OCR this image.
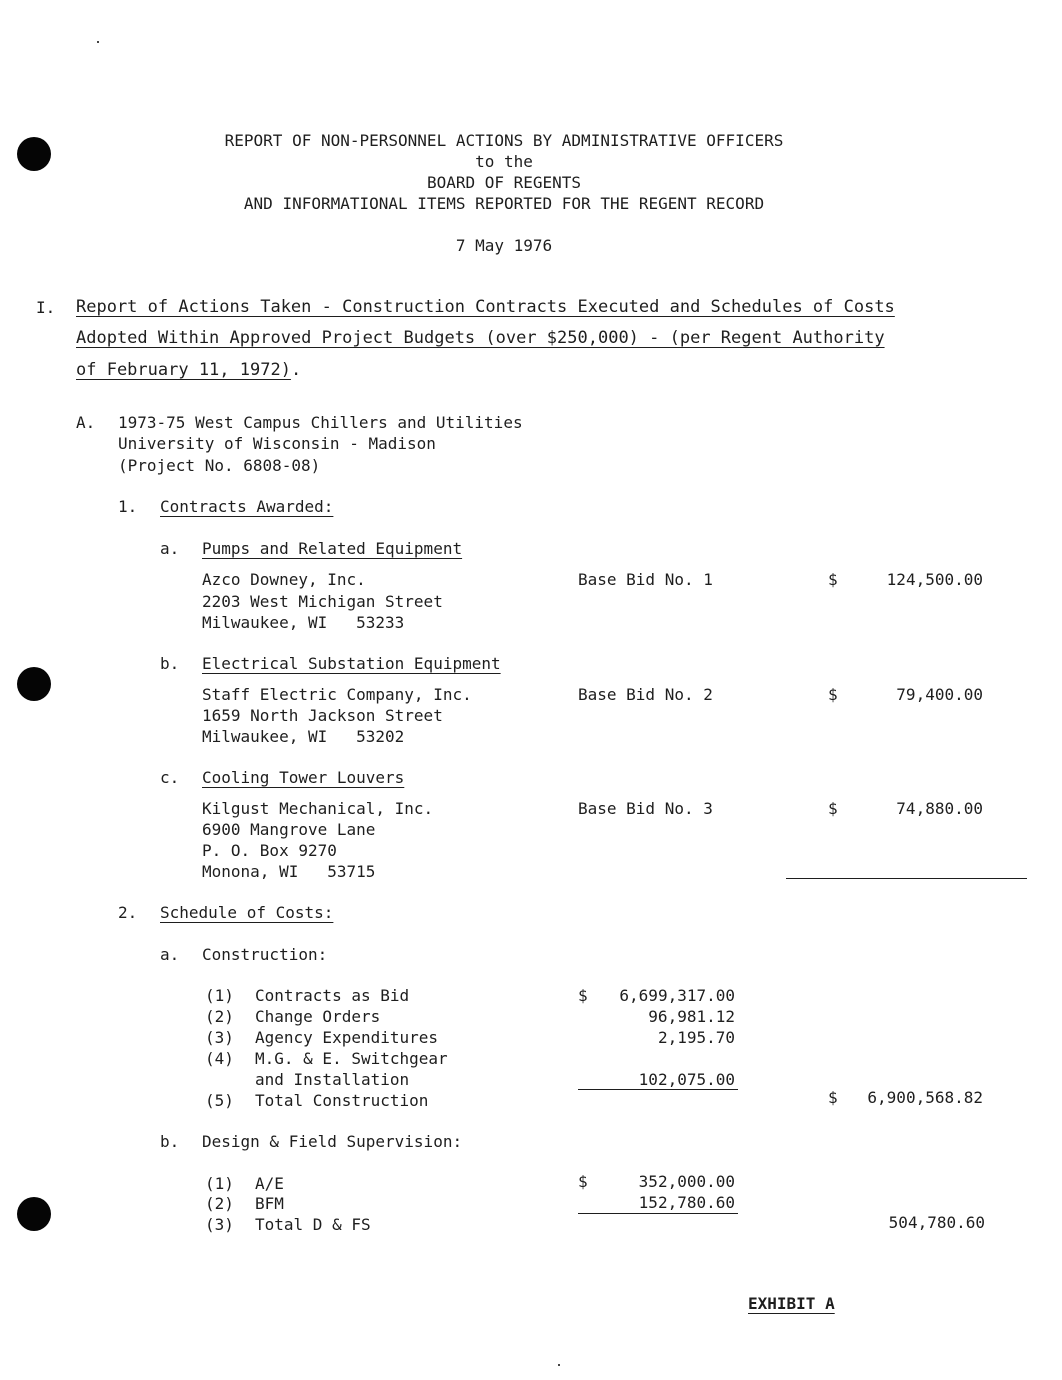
REPORT OF NON-PERSONNEL ACTIONS BY ADMINISTRATIVE OFFICERS
to the
BOARD OF REGENTS
AND INFORMATIONAL ITEMS REPORTED FOR THE REGENT RECORD
7 May 1976
I. Report of Actions Taken - Construction Contracts Executed and Schedules of Costs
Adopted Within Approved Project Budgets (over $250,000) - (per Regent Authority
of February 11, 1972).
A. 1973-75 West Campus Chillers and Utilities
University of Wisconsin - Madison
(Project No. 6808-08)
1. Contracts Awarded:
a. Pumps and Related Equipment
Azco Downey, Inc.
2203 West Michigan Street
Milwaukee, WI   53233
Base Bid No. 1	$	124,500.00
b. Electrical Substation Equipment
Staff Electric Company, Inc.
1659 North Jackson Street
Milwaukee, WI   53202
Base Bid No. 2	$	79,400.00
c. Cooling Tower Louvers
Kilgust Mechanical, Inc.
6900 Mangrove Lane
P. O. Box 9270
Monona, WI   53715
Base Bid No. 3	$	74,880.00
2. Schedule of Costs:
a. Construction:
(1) Contracts as Bid	$	6,699,317.00
(2) Change Orders	96,981.12
(3) Agency Expenditures	2,195.70
(4) M.G. & E. Switchgear
and Installation	102,075.00
(5) Total Construction	$	6,900,568.82
b. Design & Field Supervision:
(1) A/E	$	352,000.00
(2) BFM	152,780.60
(3) Total D & FS	504,780.60
EXHIBIT A
